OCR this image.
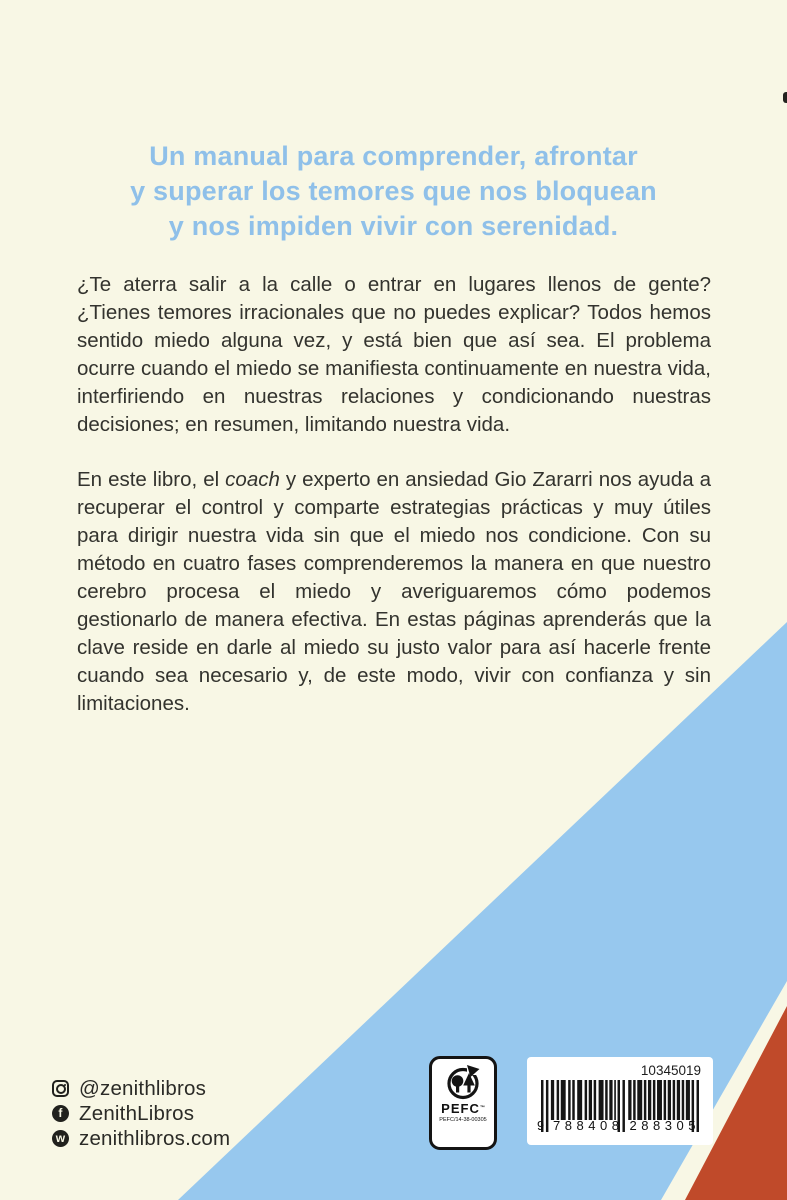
Un manual para comprender, afrontar
y superar los temores que nos bloquean
y nos impiden vivir con serenidad.

¿Te aterra salir a la calle o entrar en lugares llenos de gente? ¿Tienes temores irracionales que no puedes explicar? Todos hemos sentido miedo alguna vez, y está bien que así sea. El problema ocurre cuando el miedo se manifiesta continuamente en nuestra vida, interfiriendo en nuestras relaciones y condicionando nuestras decisiones; en resumen, limitando nuestra vida.

En este libro, el coach y experto en ansiedad Gio Zararri nos ayuda a recuperar el control y comparte estrategias prácticas y muy útiles para dirigir nuestra vida sin que el miedo nos condicione. Con su método en cuatro fases comprenderemos la manera en que nuestro cerebro procesa el miedo y averiguaremos cómo podemos gestionarlo de manera efectiva. En estas páginas aprenderás que la clave reside en darle al miedo su justo valor para así hacerle frente cuando sea necesario y, de este modo, vivir con confianza y sin limitaciones.

@zenithlibros
f ZenithLibros
w zenithlibros.com
PEFC™
PEFC/14-38-00305
10345019
9 788408 288305
